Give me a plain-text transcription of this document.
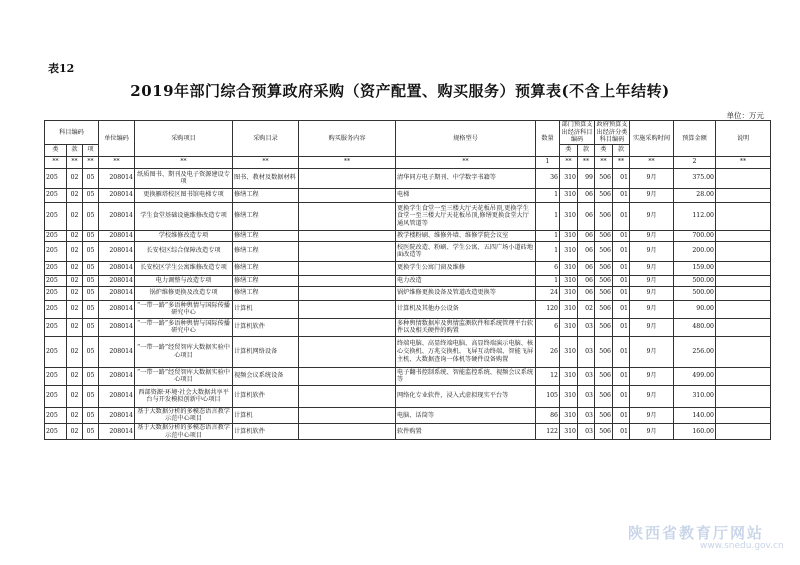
表12
2019年部门综合预算政府采购（资产配置、购买服务）预算表(不含上年结转)
单位：万元
科目编码			单位编码	采购项目	采购目录	购买服务内容	规格型号	数量	部门预算支出经济科目编码		政府预算支出经济分类科目编码		实施采购时间	预算金额	说明
类	款	项							类	款	类	款			
**	**	**	**	**	**	**	**	1	**	**	**	**	**	2	**
205	02	05	208014	纸质图书、期刊及电子资源建设专项	图书、教材及数据材料		清华同方电子期刊、中学数字书籍等	36	310	99	506	01	9月	375.00	
205	02	05	208014	更换雁塔校区图书馆电梯专项	修缮工程		电梯	1	310	06	506	01	9月	28.00	
205	02	05	208014	学生食堂基础设施维修改造专项	修缮工程		更换学生食堂一至三楼大厅天花板吊顶,更换学生食堂一至三楼大厅天花板吊顶,修缮更换食堂大厅通风管道等	1	310	06	506	01	9月	112.00	
205	02	05	208014	学校维修改造专项	修缮工程		教学楼粉刷、维修外墙、维修学院会议室	1	310	06	506	01	9月	700.00	
205	02	05	208014	长安校区综合保障改造专项	修缮工程		校医院改造、粉刷、学生公寓、五四广场小道砖地面改造等	1	310	06	506	01	9月	200.00	
205	02	05	208014	长安校区学生公寓维修改造专项	修缮工程		更换学生公寓门窗及维修	6	310	06	506	01	9月	159.00	
205	02	05	208014	电力调整与改造专项	修缮工程		电力改造	1	310	06	506	01	9月	500.00	
205	02	05	208014	锅炉维修更换及改造专项	修缮工程		锅炉维修更换设备及管道改造更换等	24	310	06	506	01	9月	500.00	
205	02	05	208014	“一带一路”多语种舆情与国际传播研究中心	计算机		计算机及其他办公设备	120	310	02	506	01	9月	90.00	
205	02	05	208014	“一带一路”多语种舆情与国际传播研究中心	计算机软件		多种舆情数据库及舆情监测软件和系统管理平台软件以及相关硬件的购置	6	310	03	506	01	9月	480.00	
205	02	05	208014	“一带一路”经贸智库大数据实验中心项目	计算机网络设备		终端电脑、高显终端电脑、高显终端演示电脑、核心交换机、万兆交换机、飞屏互动终端、智能飞屏主机、大数据查询一体机等硬件设备购置	26	310	03	506	01	9月	256.00	
205	02	05	208014	“一带一路”经贸智库大数据实验中心项目	视频会议系统设备		电子翻书控制系统、智能监控系统、视频会议系统等	12	310	03	506	01	9月	499.00	
205	02	05	208014	西部资源·环境·社会大数据共享平台与开发模拟创新中心项目	计算机软件		网络化专业软件，浸入式虚拟现实平台等	105	310	03	506	01	9月	310.00	
205	02	05	208014	基于大数据分析的多模态语言教学示范中心项目	计算机		电脑、话筒等	86	310	03	506	01	9月	140.00	
205	02	05	208014	基于大数据分析的多模态语言教学示范中心项目	计算机软件		软件购置	122	310	03	506	01	9月	160.00	
陕西省教育厅网站
www.snedu.gov.cn
